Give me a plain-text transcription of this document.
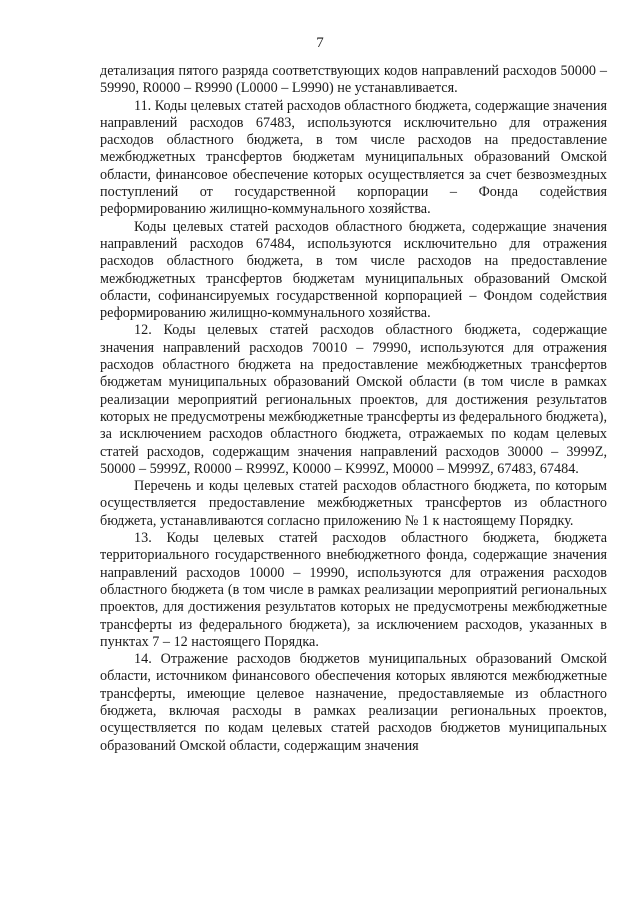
7

детализация пятого разряда соответствующих кодов направлений расходов 50000 – 59990, R0000 – R9990 (L0000 – L9990) не устанавливается.

11. Коды целевых статей расходов областного бюджета, содержащие значения направлений расходов 67483, используются исключительно для отражения расходов областного бюджета, в том числе расходов на предоставление межбюджетных трансфертов бюджетам муниципальных образований Омской области, финансовое обеспечение которых осуществляется за счет безвозмездных поступлений от государственной корпорации – Фонда содействия реформированию жилищно-коммунального хозяйства.

Коды целевых статей расходов областного бюджета, содержащие значения направлений расходов 67484, используются исключительно для отражения расходов областного бюджета, в том числе расходов на предоставление межбюджетных трансфертов бюджетам муниципальных образований Омской области, софинансируемых государственной корпорацией – Фондом содействия реформированию жилищно-коммунального хозяйства.

12. Коды целевых статей расходов областного бюджета, содержащие значения направлений расходов 70010 – 79990, используются для отражения расходов областного бюджета на предоставление межбюджетных трансфертов бюджетам муниципальных образований Омской области (в том числе в рамках реализации мероприятий региональных проектов, для достижения результатов которых не предусмотрены межбюджетные трансферты из федерального бюджета), за исключением расходов областного бюджета, отражаемых по кодам целевых статей расходов, содержащим значения направлений расходов 30000 – 3999Z, 50000 – 5999Z, R0000 – R999Z, K0000 – K999Z, M0000 – M999Z, 67483, 67484.

Перечень и коды целевых статей расходов областного бюджета, по которым осуществляется предоставление межбюджетных трансфертов из областного бюджета, устанавливаются согласно приложению № 1 к настоящему Порядку.

13. Коды целевых статей расходов областного бюджета, бюджета территориального государственного внебюджетного фонда, содержащие значения направлений расходов 10000 – 19990, используются для отражения расходов областного бюджета (в том числе в рамках реализации мероприятий региональных проектов, для достижения результатов которых не предусмотрены межбюджетные трансферты из федерального бюджета), за исключением расходов, указанных в пунктах 7 – 12 настоящего Порядка.

14. Отражение расходов бюджетов муниципальных образований Омской области, источником финансового обеспечения которых являются межбюджетные трансферты, имеющие целевое назначение, предоставляемые из областного бюджета, включая расходы в рамках реализации региональных проектов, осуществляется по кодам целевых статей расходов бюджетов муниципальных образований Омской области, содержащим значения
